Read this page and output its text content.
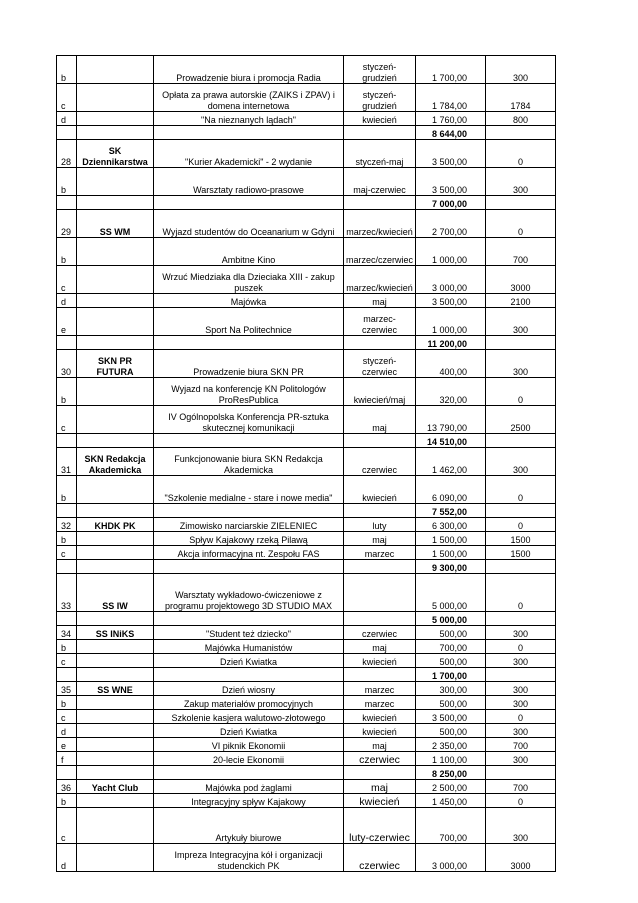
b		Prowadzenie biura i promocja Radia	styczeń-grudzień	1 700,00	300
c		Opłata za prawa autorskie (ZAIKS i ZPAV) i domena internetowa	styczeń-grudzień	1 784,00	1784
d		"Na nieznanych lądach"	kwiecień	1 760,00	800
				8 644,00	
28	SK Dziennikarstwa	"Kurier Akademicki" - 2 wydanie	styczeń-maj	3 500,00	0
b		Warsztaty radiowo-prasowe	maj-czerwiec	3 500,00	300
				7 000,00	
29	SS WM	Wyjazd studentów do Oceanarium w Gdyni	marzec/kwiecień	2 700,00	0
b		Ambitne Kino	marzec/czerwiec	1 000,00	700
c		Wrzuć Miedziaka dla Dzieciaka XIII - zakup puszek	marzec/kwiecień	3 000,00	3000
d		Majówka	maj	3 500,00	2100
e		Sport Na Politechnice	marzec-czerwiec	1 000,00	300
				11 200,00	
30	SKN PR FUTURA	Prowadzenie biura SKN PR	styczeń-czerwiec	400,00	300
b		Wyjazd na konferencję KN Politologów ProResPublica	kwiecień/maj	320,00	0
c		IV Ogólnopolska Konferencja PR-sztuka skutecznej komunikacji	maj	13 790,00	2500
				14 510,00	
31	SKN Redakcja Akademicka	Funkcjonowanie biura SKN Redakcja Akademicka	czerwiec	1 462,00	300
b		"Szkolenie medialne - stare i nowe media"	kwiecień	6 090,00	0
				7 552,00	
32	KHDK PK	Zimowisko narciarskie ZIELENIEC	luty	6 300,00	0
b		Spływ Kajakowy rzeką Pilawą	maj	1 500,00	1500
c		Akcja informacyjna nt. Zespołu FAS	marzec	1 500,00	1500
				9 300,00	
33	SS IW	Warsztaty wykładowo-ćwiczeniowe z programu projektowego 3D STUDIO MAX		5 000,00	0
				5 000,00	
34	SS INiKS	"Student też dziecko"	czerwiec	500,00	300
b		Majówka Humanistów	maj	700,00	0
c		Dzień Kwiatka	kwiecień	500,00	300
				1 700,00	
35	SS WNE	Dzień wiosny	marzec	300,00	300
b		Zakup materiałów promocyjnych	marzec	500,00	300
c		Szkolenie kasjera walutowo-złotowego	kwiecień	3 500,00	0
d		Dzień Kwiatka	kwiecień	500,00	300
e		VI piknik Ekonomii	maj	2 350,00	700
f		20-lecie Ekonomii	czerwiec	1 100,00	300
				8 250,00	
36	Yacht Club	Majówka pod żaglami	maj	2 500,00	700
b		Integracyjny spływ Kajakowy	kwiecień	1 450,00	0
c		Artykuły biurowe	luty-czerwiec	700,00	300
d		Impreza Integracyjna kół i organizacji studenckich PK	czerwiec	3 000,00	3000
